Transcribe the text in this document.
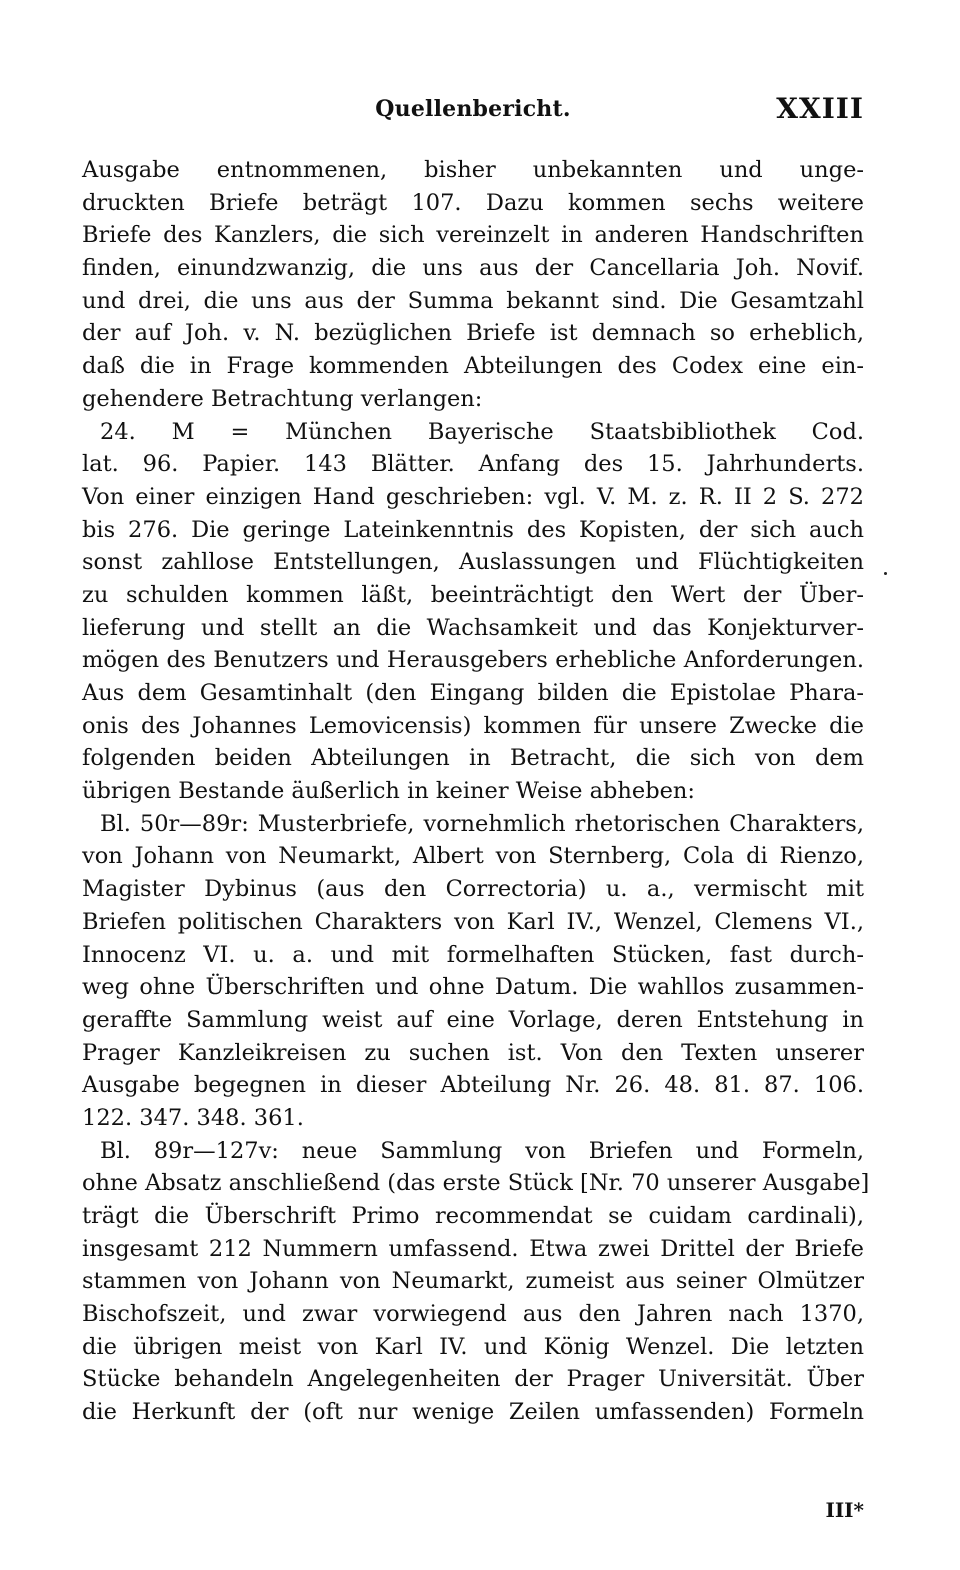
Quellenbericht.	XXIII
Ausgabe entnommenen, bisher unbekannten und unge-
druckten Briefe beträgt 107. Dazu kommen sechs weitere
Briefe des Kanzlers, die sich vereinzelt in anderen Handschriften
finden, einundzwanzig, die uns aus der Cancellaria Joh. Novif.
und drei, die uns aus der Summa bekannt sind. Die Gesamtzahl
der auf Joh. v. N. bezüglichen Briefe ist demnach so erheblich,
daß die in Frage kommenden Abteilungen des Codex eine ein-
gehendere Betrachtung verlangen:
24. M = München Bayerische Staatsbibliothek Cod.
lat. 96. Papier. 143 Blätter. Anfang des 15. Jahrhunderts.
Von einer einzigen Hand geschrieben: vgl. V. M. z. R. II 2 S. 272
bis 276. Die geringe Lateinkenntnis des Kopisten, der sich auch
sonst zahllose Entstellungen, Auslassungen und Flüchtigkeiten
zu schulden kommen läßt, beeinträchtigt den Wert der Über-
lieferung und stellt an die Wachsamkeit und das Konjekturver-
mögen des Benutzers und Herausgebers erhebliche Anforderungen.
Aus dem Gesamtinhalt (den Eingang bilden die Epistolae Phara-
onis des Johannes Lemovicensis) kommen für unsere Zwecke die
folgenden beiden Abteilungen in Betracht, die sich von dem
übrigen Bestande äußerlich in keiner Weise abheben:
Bl. 50r—89r: Musterbriefe, vornehmlich rhetorischen Charakters,
von Johann von Neumarkt, Albert von Sternberg, Cola di Rienzo,
Magister Dybinus (aus den Correctoria) u. a., vermischt mit
Briefen politischen Charakters von Karl IV., Wenzel, Clemens VI.,
Innocenz VI. u. a. und mit formelhaften Stücken, fast durch-
weg ohne Überschriften und ohne Datum. Die wahllos zusammen-
geraffte Sammlung weist auf eine Vorlage, deren Entstehung in
Prager Kanzleikreisen zu suchen ist. Von den Texten unserer
Ausgabe begegnen in dieser Abteilung Nr. 26. 48. 81. 87. 106.
122. 347. 348. 361.
Bl. 89r—127v: neue Sammlung von Briefen und Formeln,
ohne Absatz anschließend (das erste Stück [Nr. 70 unserer Ausgabe]
trägt die Überschrift Primo recommendat se cuidam cardinali),
insgesamt 212 Nummern umfassend. Etwa zwei Drittel der Briefe
stammen von Johann von Neumarkt, zumeist aus seiner Olmützer
Bischofszeit, und zwar vorwiegend aus den Jahren nach 1370,
die übrigen meist von Karl IV. und König Wenzel. Die letzten
Stücke behandeln Angelegenheiten der Prager Universität. Über
die Herkunft der (oft nur wenige Zeilen umfassenden) Formeln
III*
